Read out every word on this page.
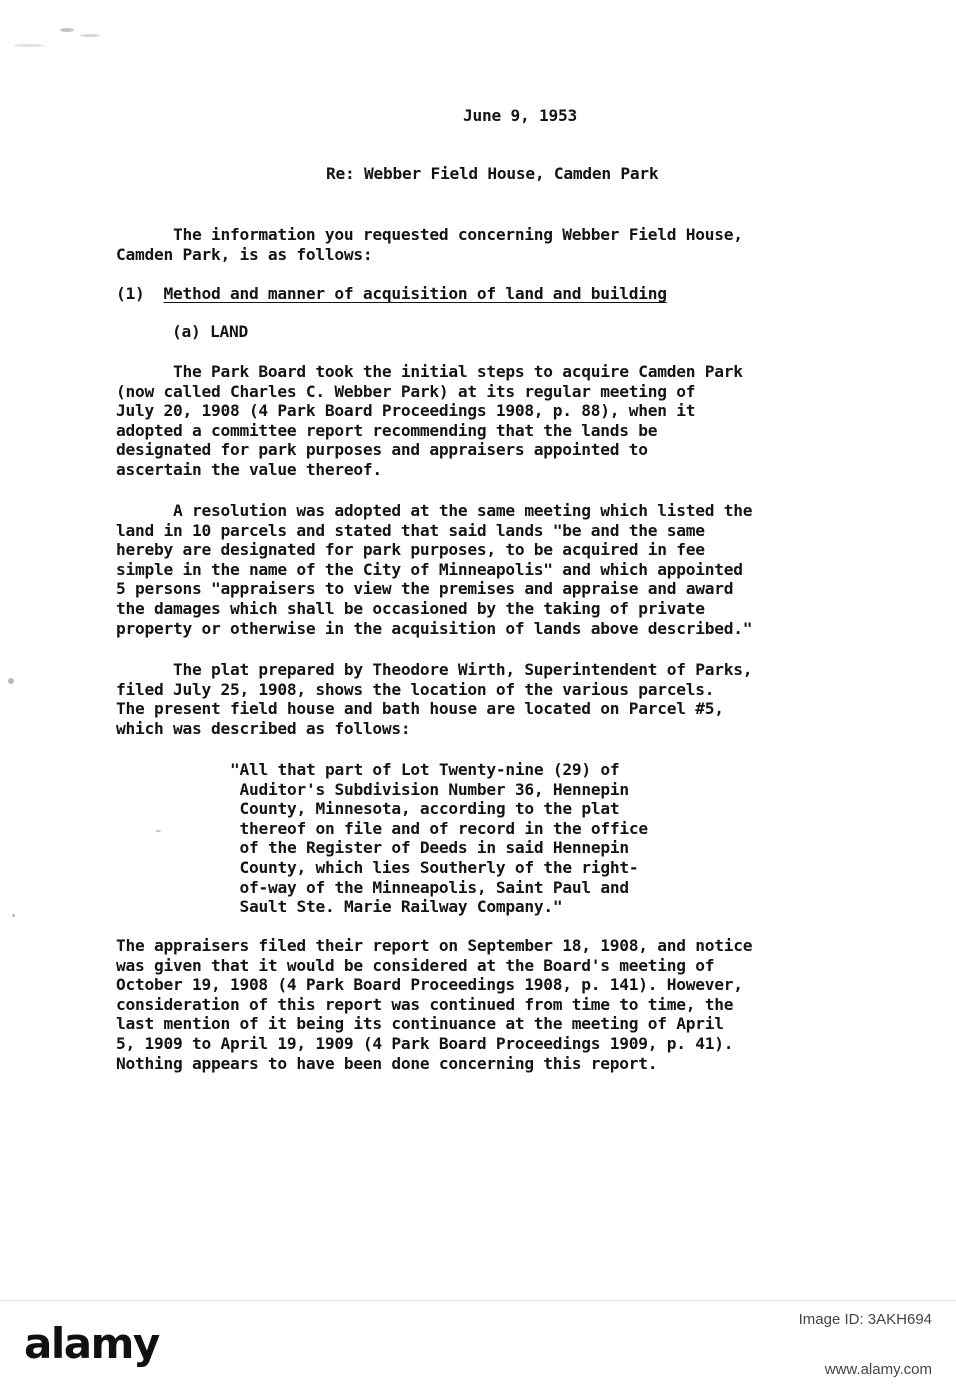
June 9, 1953

Re: Webber Field House, Camden Park

The information you requested concerning Webber Field House,
Camden Park, is as follows:

(1)  Method and manner of acquisition of land and building

(a) LAND

The Park Board took the initial steps to acquire Camden Park
(now called Charles C. Webber Park) at its regular meeting of
July 20, 1908 (4 Park Board Proceedings 1908, p. 88), when it
adopted a committee report recommending that the lands be
designated for park purposes and appraisers appointed to
ascertain the value thereof.

A resolution was adopted at the same meeting which listed the
land in 10 parcels and stated that said lands "be and the same
hereby are designated for park purposes, to be acquired in fee
simple in the name of the City of Minneapolis" and which appointed
5 persons "appraisers to view the premises and appraise and award
the damages which shall be occasioned by the taking of private
property or otherwise in the acquisition of lands above described."

The plat prepared by Theodore Wirth, Superintendent of Parks,
filed July 25, 1908, shows the location of the various parcels.
The present field house and bath house are located on Parcel #5,
which was described as follows:

"All that part of Lot Twenty-nine (29) of
Auditor's Subdivision Number 36, Hennepin
County, Minnesota, according to the plat
thereof on file and of record in the office
of the Register of Deeds in said Hennepin
County, which lies Southerly of the right-
of-way of the Minneapolis, Saint Paul and
Sault Ste. Marie Railway Company."

The appraisers filed their report on September 18, 1908, and notice
was given that it would be considered at the Board's meeting of
October 19, 1908 (4 Park Board Proceedings 1908, p. 141). However,
consideration of this report was continued from time to time, the
last mention of it being its continuance at the meeting of April
5, 1909 to April 19, 1909 (4 Park Board Proceedings 1909, p. 41).
Nothing appears to have been done concerning this report.

alamy	Image ID: 3AKH694
www.alamy.com
